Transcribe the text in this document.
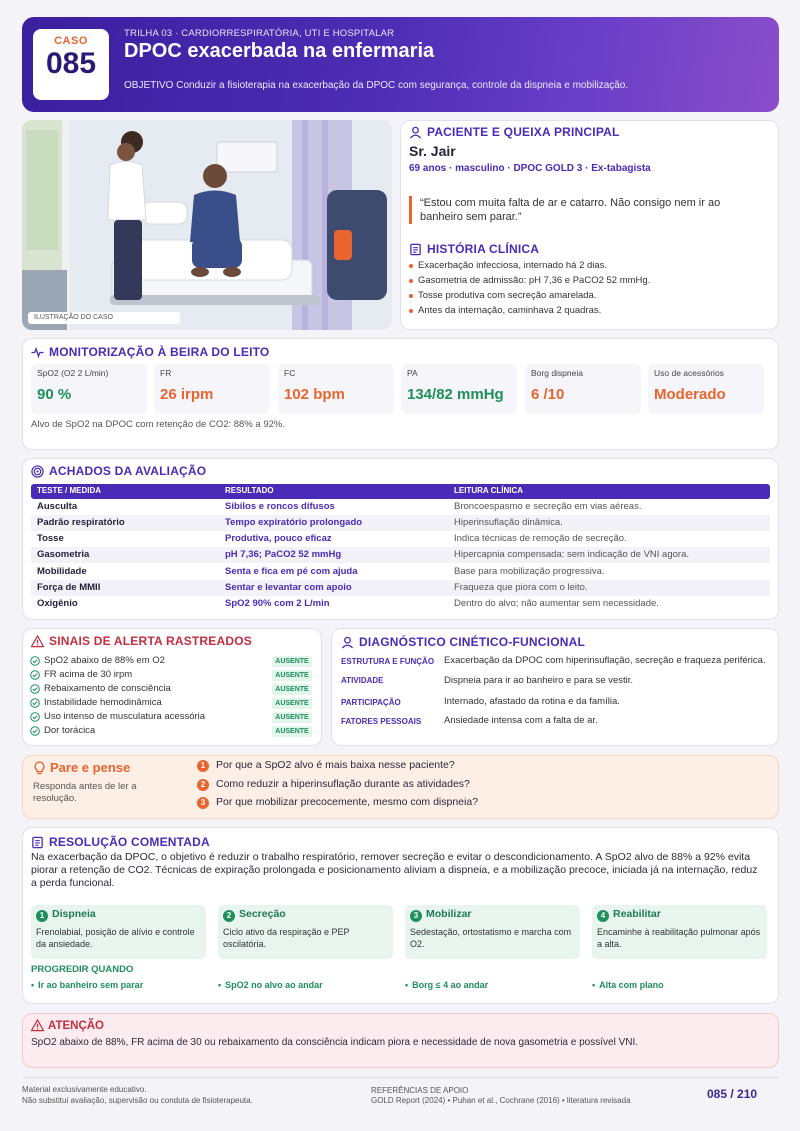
CASO
085
TRILHA 03 · CARDIORRESPIRATÓRIA, UTI E HOSPITALAR
DPOC exacerbada na enfermaria
OBJETIVO Conduzir a fisioterapia na exacerbação da DPOC com segurança, controle da dispneia e mobilização.
ILUSTRAÇÃO DO CASO
PACIENTE E QUEIXA PRINCIPAL
Sr. Jair
69 anos · masculino · DPOC GOLD 3 · Ex-tabagista
“Estou com muita falta de ar e catarro. Não consigo nem ir ao banheiro sem parar.”
HISTÓRIA CLÍNICA
Exacerbação infecciosa, internado há 2 dias.
Gasometria de admissão: pH 7,36 e PaCO2 52 mmHg.
Tosse produtiva com secreção amarelada.
Antes da internação, caminhava 2 quadras.
MONITORIZAÇÃO À BEIRA DO LEITO
SpO2 (O2 2 L/min)
90 %
FR
26 irpm
FC
102 bpm
PA
134/82 mmHg
Borg dispneia
6 /10
Uso de acessórios
Moderado
Alvo de SpO2 na DPOC com retenção de CO2: 88% a 92%.
ACHADOS DA AVALIAÇÃO
TESTE / MEDIDA	RESULTADO	LEITURA CLÍNICA
Ausculta	Sibilos e roncos difusos	Broncoespasmo e secreção em vias aéreas.
Padrão respiratório	Tempo expiratório prolongado	Hiperinsuflação dinâmica.
Tosse	Produtiva, pouco eficaz	Indica técnicas de remoção de secreção.
Gasometria	pH 7,36; PaCO2 52 mmHg	Hipercapnia compensada: sem indicação de VNI agora.
Mobilidade	Senta e fica em pé com ajuda	Base para mobilização progressiva.
Força de MMII	Sentar e levantar com apoio	Fraqueza que piora com o leito.
Oxigênio	SpO2 90% com 2 L/min	Dentro do alvo; não aumentar sem necessidade.
SINAIS DE ALERTA RASTREADOS
SpO2 abaixo de 88% em O2	AUSENTE
FR acima de 30 irpm	AUSENTE
Rebaixamento de consciência	AUSENTE
Instabilidade hemodinâmica	AUSENTE
Uso intenso de musculatura acessória	AUSENTE
Dor torácica	AUSENTE
DIAGNÓSTICO CINÉTICO-FUNCIONAL
ESTRUTURA E FUNÇÃO Exacerbação da DPOC com hiperinsuflação, secreção e fraqueza periférica.
ATIVIDADE	Dispneia para ir ao banheiro e para se vestir.
PARTICIPAÇÃO	Internado, afastado da rotina e da família.
FATORES PESSOAIS Ansiedade intensa com a falta de ar.
Pare e pense
Responda antes de ler a resolução.
1	Por que a SpO2 alvo é mais baixa nesse paciente?
2	Como reduzir a hiperinsuflação durante as atividades?
3	Por que mobilizar precocemente, mesmo com dispneia?
RESOLUÇÃO COMENTADA
Na exacerbação da DPOC, o objetivo é reduzir o trabalho respiratório, remover secreção e evitar o descondicionamento. A SpO2 alvo de 88% a 92% evita piorar a retenção de CO2. Técnicas de expiração prolongada e posicionamento aliviam a dispneia, e a mobilização precoce, iniciada já na internação, reduz a perda funcional.
1 Dispneia
Frenolabial, posição de alívio e controle da ansiedade.
2 Secreção
Ciclo ativo da respiração e PEP oscilatória.
3 Mobilizar
Sedestação, ortostatismo e marcha com O2.
4 Reabilitar
Encaminhe à reabilitação pulmonar após a alta.
PROGREDIR QUANDO
• Ir ao banheiro sem parar	• SpO2 no alvo ao andar	• Borg ≤ 4 ao andar	• Alta com plano
ATENÇÃO
SpO2 abaixo de 88%, FR acima de 30 ou rebaixamento da consciência indicam piora e necessidade de nova gasometria e possível VNI.
Material exclusivamente educativo.
Não substitui avaliação, supervisão ou conduta de fisioterapeuta.
REFERÊNCIAS DE APOIO
GOLD Report (2024) • Puhan et al., Cochrane (2016) • literatura revisada	085 / 210
